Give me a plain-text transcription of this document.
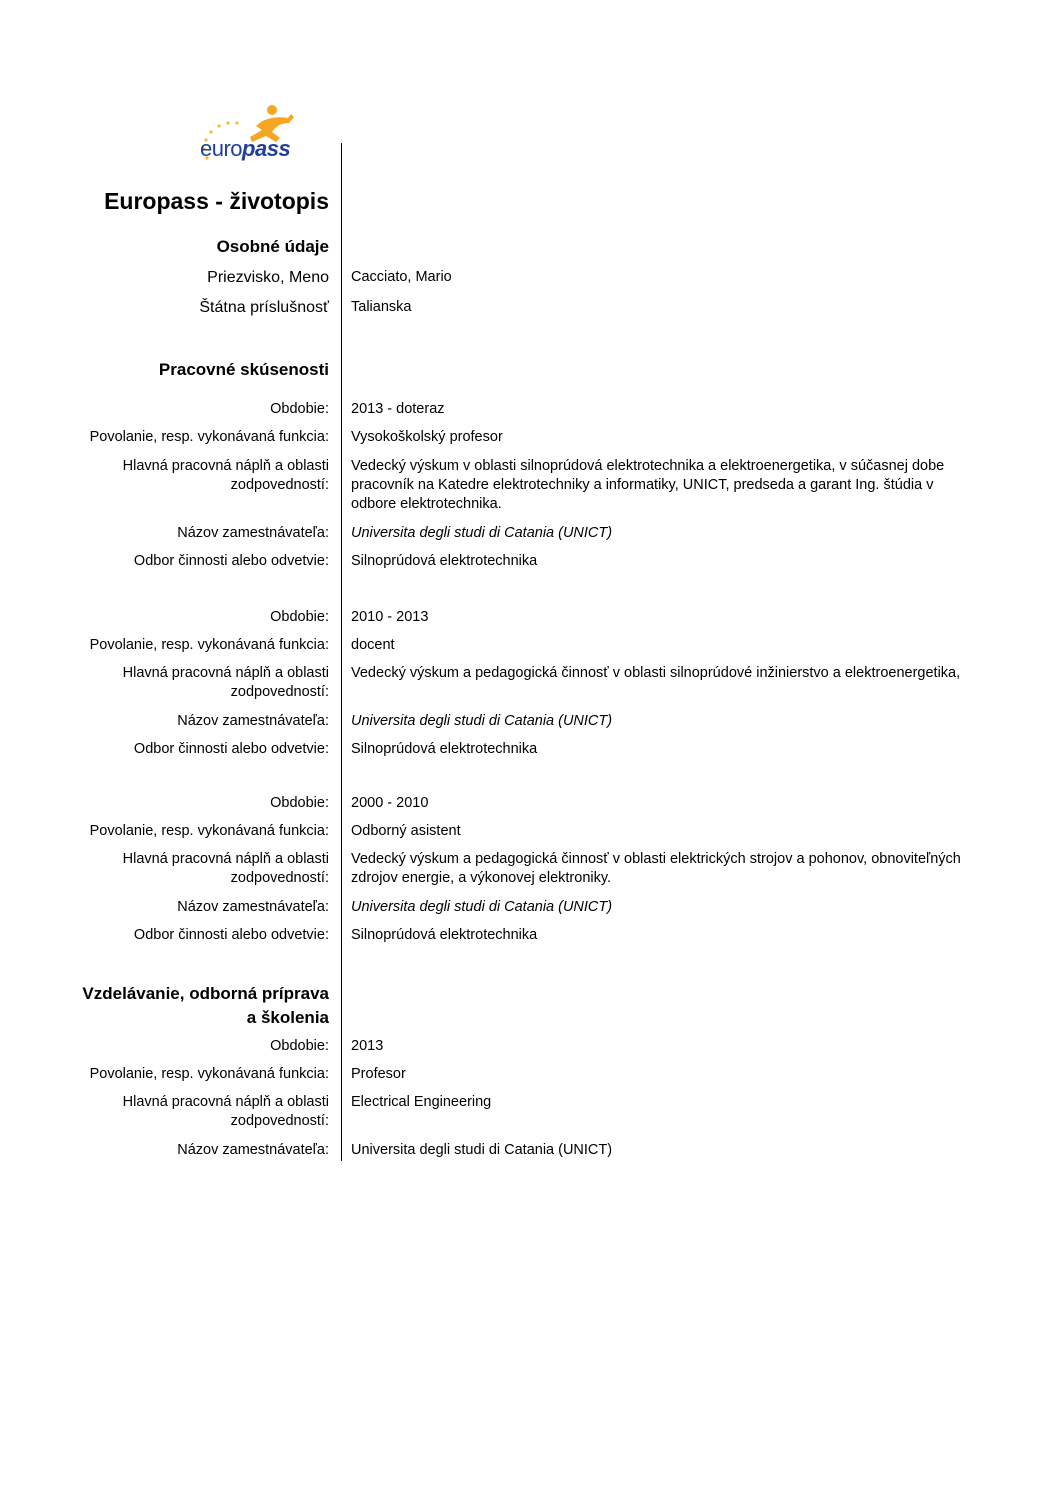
europass
Europass - životopis
Osobné údaje
Priezvisko, Meno Cacciato, Mario
Štátna príslušnosť Talianska
Pracovné skúsenosti
Obdobie: 2013 - doteraz
Povolanie, resp. vykonávaná funkcia: Vysokoškolský profesor
Hlavná pracovná náplň a oblasti
zodpovedností:
Vedecký výskum v oblasti silnoprúdová elektrotechnika a elektroenergetika, v súčasnej dobe pracovník na Katedre elektrotechniky a informatiky, UNICT, predseda a garant Ing. štúdia v odbore elektrotechnika.
Názov zamestnávateľa: Universita degli studi di Catania (UNICT)
Odbor činnosti alebo odvetvie: Silnoprúdová elektrotechnika
Obdobie: 2010 - 2013
Povolanie, resp. vykonávaná funkcia: docent
Hlavná pracovná náplň a oblasti
zodpovedností:
Vedecký výskum a pedagogická činnosť v oblasti silnoprúdové inžinierstvo a elektroenergetika,
Názov zamestnávateľa: Universita degli studi di Catania (UNICT)
Odbor činnosti alebo odvetvie: Silnoprúdová elektrotechnika
Obdobie: 2000 - 2010
Povolanie, resp. vykonávaná funkcia: Odborný asistent
Hlavná pracovná náplň a oblasti
zodpovedností:
Vedecký výskum a pedagogická činnosť v oblasti elektrických strojov a pohonov, obnoviteľných zdrojov energie, a výkonovej elektroniky.
Názov zamestnávateľa: Universita degli studi di Catania (UNICT)
Odbor činnosti alebo odvetvie: Silnoprúdová elektrotechnika
Vzdelávanie, odborná príprava
a školenia
Obdobie: 2013
Povolanie, resp. vykonávaná funkcia: Profesor
Hlavná pracovná náplň a oblasti
zodpovedností:
Electrical Engineering
Názov zamestnávateľa: Universita degli studi di Catania (UNICT)
